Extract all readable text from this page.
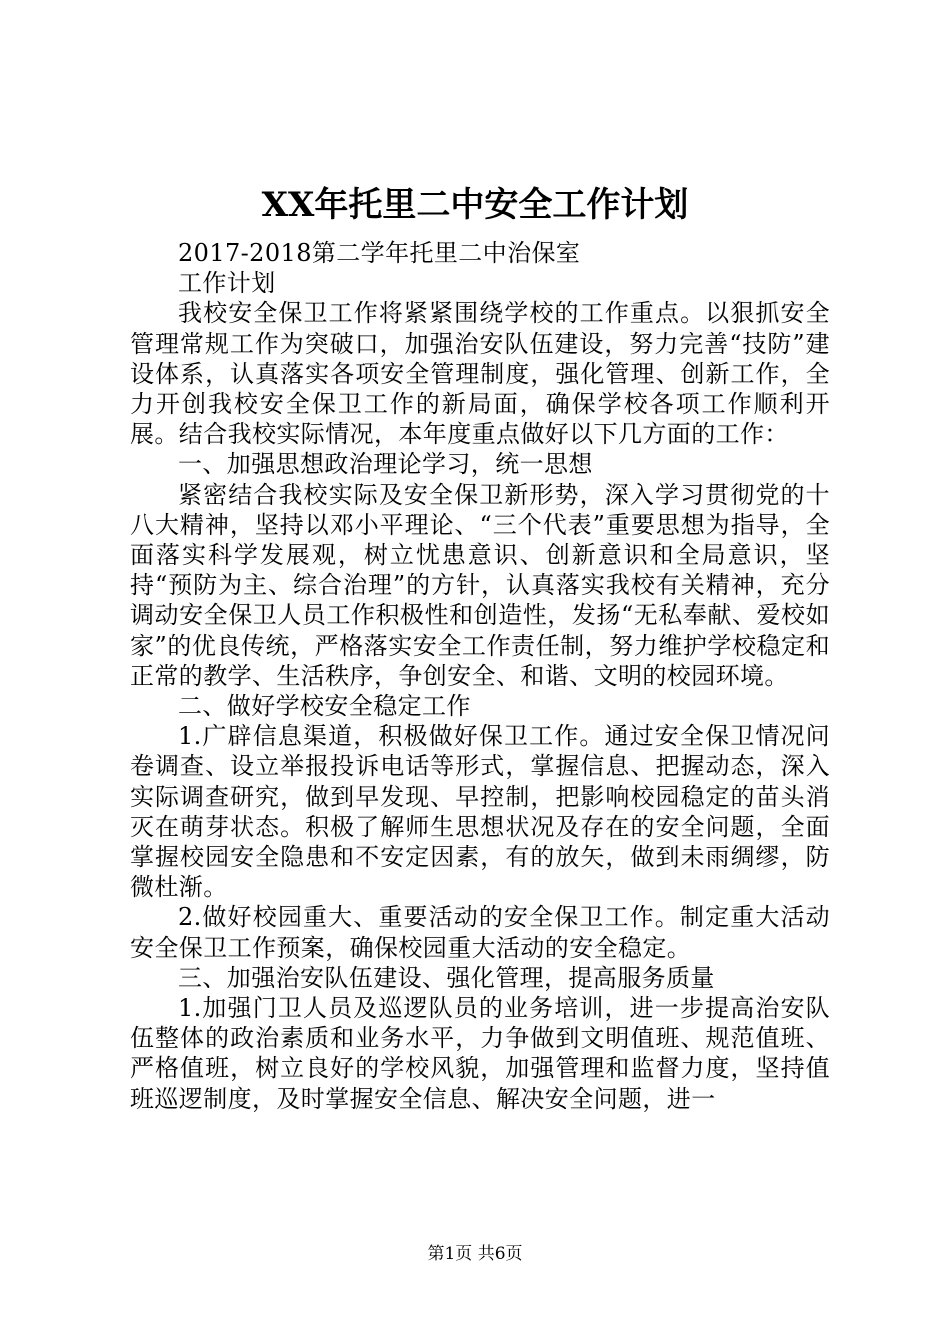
XX年托里二中安全工作计划

2017-2018第二学年托里二中治保室

工作计划

我校安全保卫工作将紧紧围绕学校的工作重点。以狠抓安全管理常规工作为突破口，加强治安队伍建设，努力完善“技防”建设体系，认真落实各项安全管理制度，强化管理、创新工作，全力开创我校安全保卫工作的新局面，确保学校各项工作顺利开展。结合我校实际情况，本年度重点做好以下几方面的工作：

一、加强思想政治理论学习，统一思想

紧密结合我校实际及安全保卫新形势，深入学习贯彻党的十八大精神，坚持以邓小平理论、“三个代表”重要思想为指导，全面落实科学发展观，树立忧患意识、创新意识和全局意识，坚持“预防为主、综合治理”的方针，认真落实我校有关精神，充分调动安全保卫人员工作积极性和创造性，发扬“无私奉献、爱校如家”的优良传统，严格落实安全工作责任制，努力维护学校稳定和正常的教学、生活秩序，争创安全、和谐、文明的校园环境。

二、做好学校安全稳定工作

1.广辟信息渠道，积极做好保卫工作。通过安全保卫情况问卷调查、设立举报投诉电话等形式，掌握信息、把握动态，深入实际调查研究，做到早发现、早控制，把影响校园稳定的苗头消灭在萌芽状态。积极了解师生思想状况及存在的安全问题，全面掌握校园安全隐患和不安定因素，有的放矢，做到未雨绸缪，防微杜渐。

2.做好校园重大、重要活动的安全保卫工作。制定重大活动安全保卫工作预案，确保校园重大活动的安全稳定。

三、加强治安队伍建设、强化管理，提高服务质量

1.加强门卫人员及巡逻队员的业务培训，进一步提高治安队伍整体的政治素质和业务水平，力争做到文明值班、规范值班、严格值班，树立良好的学校风貌，加强管理和监督力度，坚持值班巡逻制度，及时掌握安全信息、解决安全问题，进一

第1页 共6页
